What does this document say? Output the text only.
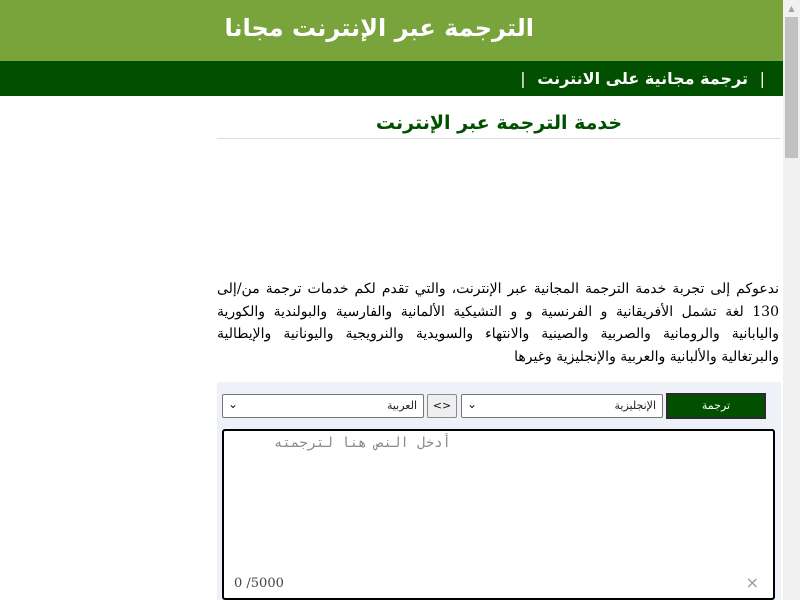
الترجمة عبر الإنترنت مجانا
| ترجمة مجانية على الانترنت |
خدمة الترجمة عبر الإنترنت
ندعوكم إلى تجربة خدمة الترجمة المجانية عبر الإنترنت، والتي تقدم لكم خدمات ترجمة من/إلى 130 لغة تشمل الأفريقانية و الفرنسية و و التشيكية الألمانية والفارسية والبولندية والكورية واليابانية والرومانية والصربية والصينية والانتهاء والسويدية والنرويجية واليونانية والإيطالية والبرتغالية والألبانية والعربية والإنجليزية وغيرها
⌄	العربية	<>	⌄	الإنجليزية	ترجمة
أدخل النص هنا لترجمته
0 /5000	×
▲
